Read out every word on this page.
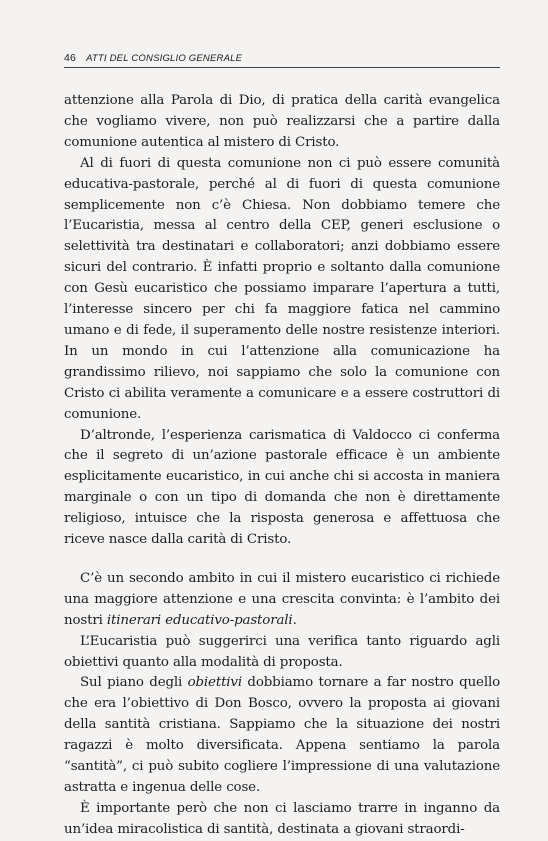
46 ATTI DEL CONSIGLIO GENERALE

attenzione alla Parola di Dio, di pratica della carità evangelica che vogliamo vivere, non può realizzarsi che a partire dalla comunione autentica al mistero di Cristo.

Al di fuori di questa comunione non ci può essere comunità educativa-pastorale, perché al di fuori di questa comunione semplicemente non c’è Chiesa. Non dobbiamo temere che l’Eucaristia, messa al centro della CEP, generi esclusione o selettività tra destinatari e collaboratori; anzi dobbiamo essere sicuri del contrario. È infatti proprio e soltanto dalla comunione con Gesù eucaristico che possiamo imparare l’apertura a tutti, l’interesse sincero per chi fa maggiore fatica nel cammino umano e di fede, il superamento delle nostre resistenze interiori. In un mondo in cui l’attenzione alla comunicazione ha grandissimo rilievo, noi sappiamo che solo la comunione con Cristo ci abilita veramente a comunicare e a essere costruttori di comunione.

D’altronde, l’esperienza carismatica di Valdocco ci conferma che il segreto di un’azione pastorale efficace è un ambiente esplicitamente eucaristico, in cui anche chi si accosta in maniera marginale o con un tipo di domanda che non è direttamente religioso, intuisce che la risposta generosa e affettuosa che riceve nasce dalla carità di Cristo.

C’è un secondo ambito in cui il mistero eucaristico ci richiede una maggiore attenzione e una crescita convinta: è l’ambito dei nostri itinerari educativo-pastorali.

L’Eucaristia può suggerirci una verifica tanto riguardo agli obiettivi quanto alla modalità di proposta.

Sul piano degli obiettivi dobbiamo tornare a far nostro quello che era l’obiettivo di Don Bosco, ovvero la proposta ai giovani della santità cristiana. Sappiamo che la situazione dei nostri ragazzi è molto diversificata. Appena sentiamo la parola “santità”, ci può subito cogliere l’impressione di una valutazione astratta e ingenua delle cose.

È importante però che non ci lasciamo trarre in inganno da un’idea miracolistica di santità, destinata a giovani straordi-
